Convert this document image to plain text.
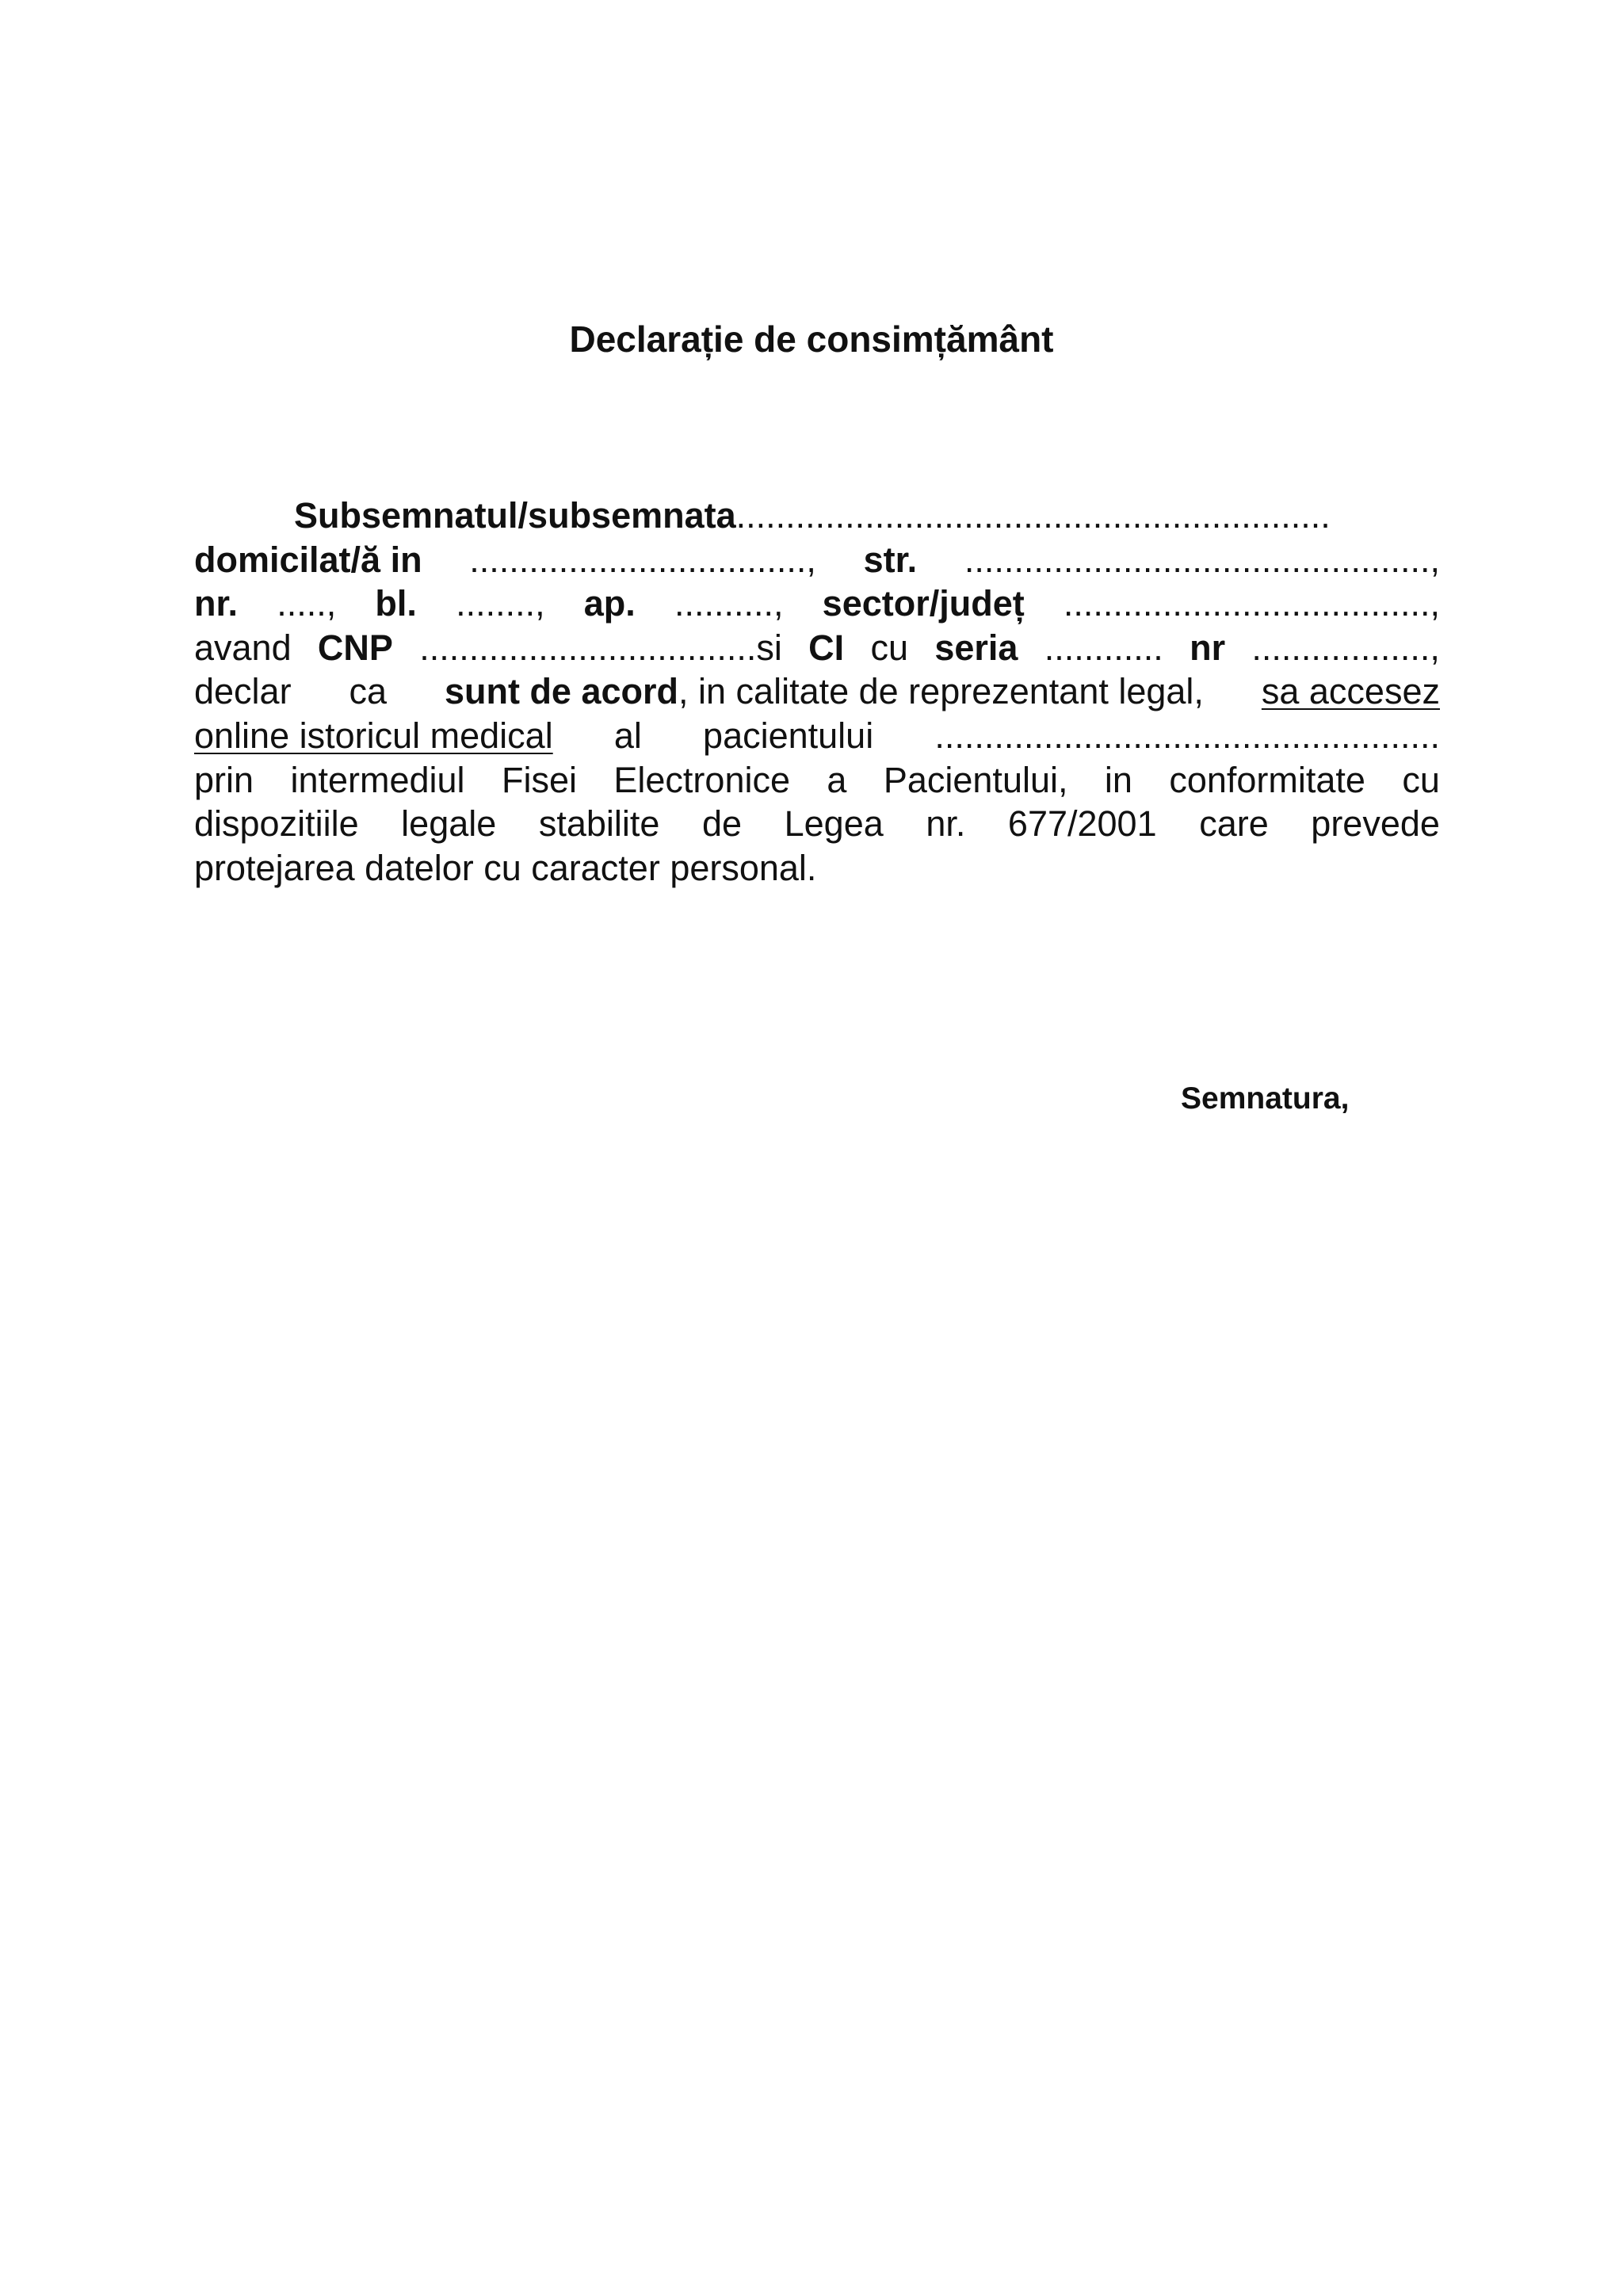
Declarație de consimțământ
Subsemnatul/subsemnata............................................................
domicilat/ă in .................................., str. ...............................................,
nr. ....., bl. ........, ap. .........., sector/județ .....................................,
avand CNP ..................................si CI cu seria ............ nr ..................,
declar ca sunt de acord, in calitate de reprezentant legal, sa accesez
online istoricul medical al pacientului ...................................................
prin intermediul Fisei Electronice a Pacientului, in conformitate cu
dispozitiile legale stabilite de Legea nr. 677/2001 care prevede
protejarea datelor cu caracter personal.
Semnatura,
